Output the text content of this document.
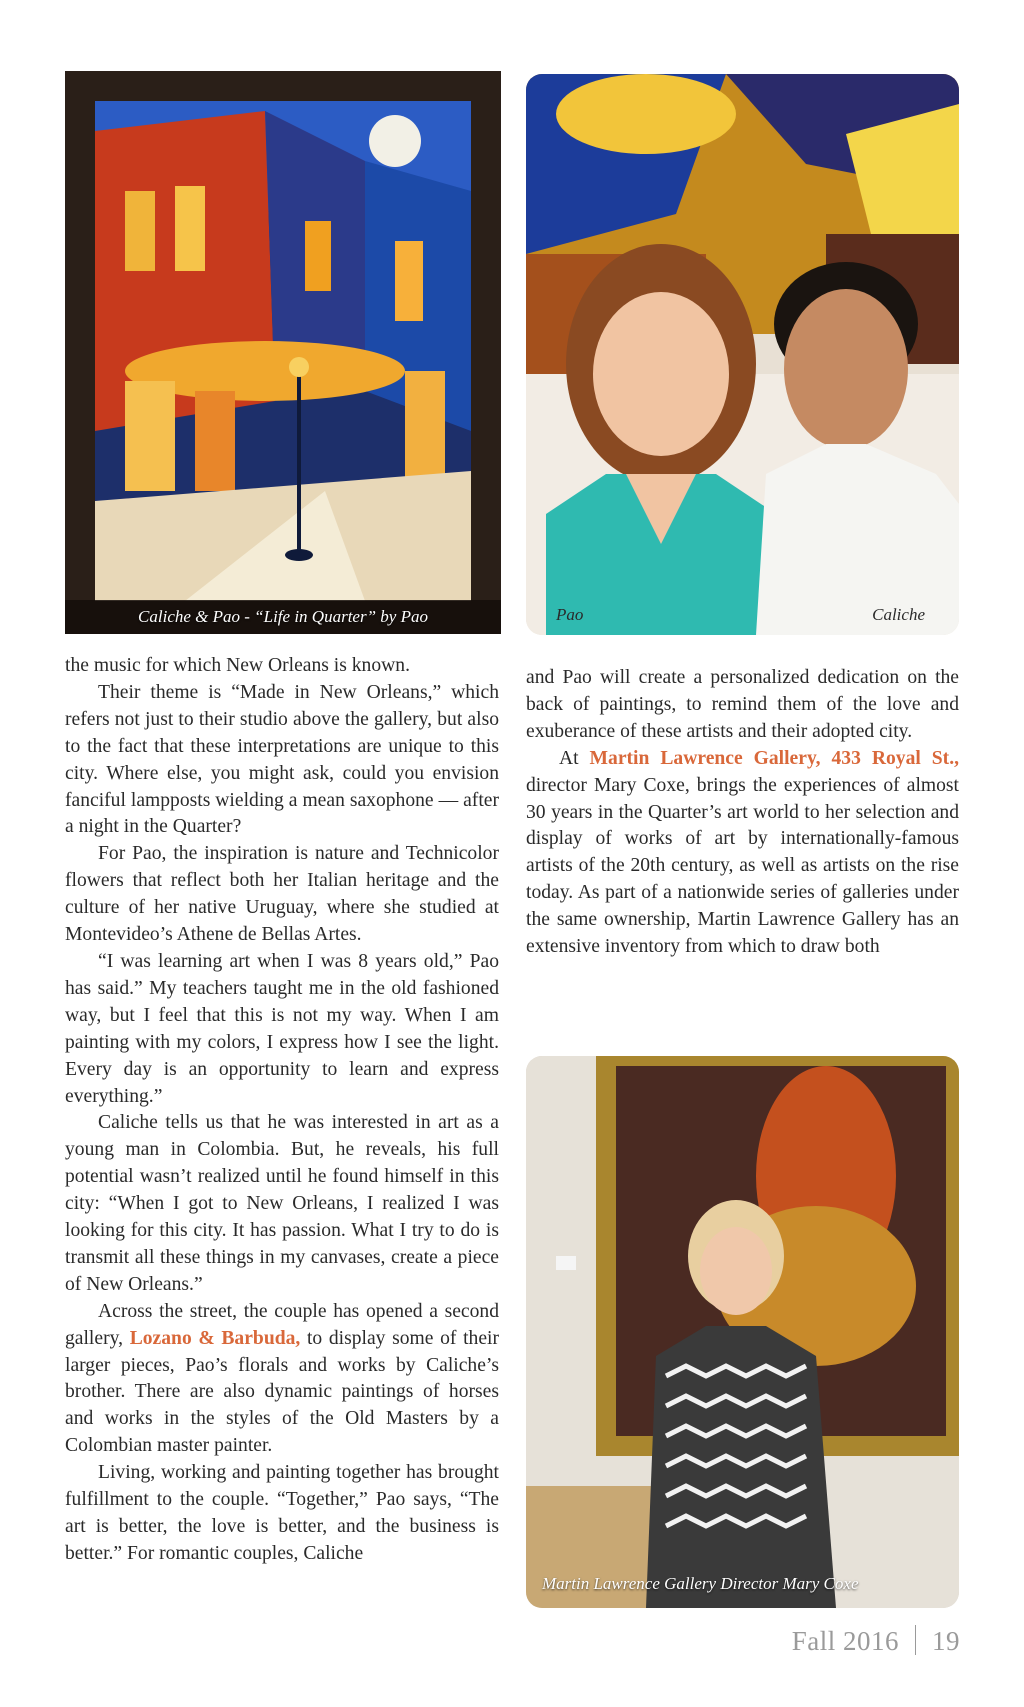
Caliche & Pao - “Life in Quarter” by Pao	Pao	Caliche
Martin Lawrence Gallery Director Mary Coxe

the music for which New Orleans is known.

Their theme is “Made in New Orleans,” which refers not just to their studio above the gallery, but also to the fact that these interpretations are unique to this city. Where else, you might ask, could you envision fanciful lampposts wielding a mean saxophone — after a night in the Quarter?

For Pao, the inspiration is nature and Technicolor flowers that reflect both her Italian heritage and the culture of her native Uruguay, where she studied at Montevideo’s Athene de Bellas Artes.

“I was learning art when I was 8 years old,” Pao has said.” My teachers taught me in the old fashioned way, but I feel that this is not my way. When I am painting with my colors, I express how I see the light. Every day is an opportunity to learn and express everything.”

Caliche tells us that he was interested in art as a young man in Colombia. But, he reveals, his full potential wasn’t realized until he found himself in this city: “When I got to New Orleans, I realized I was looking for this city. It has passion. What I try to do is transmit all these things in my canvases, create a piece of New Orleans.”

Across the street, the couple has opened a second gallery, Lozano & Barbuda, to display some of their larger pieces, Pao’s florals and works by Caliche’s brother. There are also dynamic paintings of horses and works in the styles of the Old Masters by a Colombian master painter.

Living, working and painting together has brought fulfillment to the couple. “Together,” Pao says, “The art is better, the love is better, and the business is better.” For romantic couples, Caliche

and Pao will create a personalized dedication on the back of paintings, to remind them of the love and exuberance of these artists and their adopted city.

At Martin Lawrence Gallery, 433 Royal St., director Mary Coxe, brings the experiences of almost 30 years in the Quarter’s art world to her selection and display of works of art by internationally-famous artists of the 20th century, as well as artists on the rise today. As part of a nationwide series of galleries under the same ownership, Martin Lawrence Gallery has an extensive inventory from which to draw both

Fall 2016 19
